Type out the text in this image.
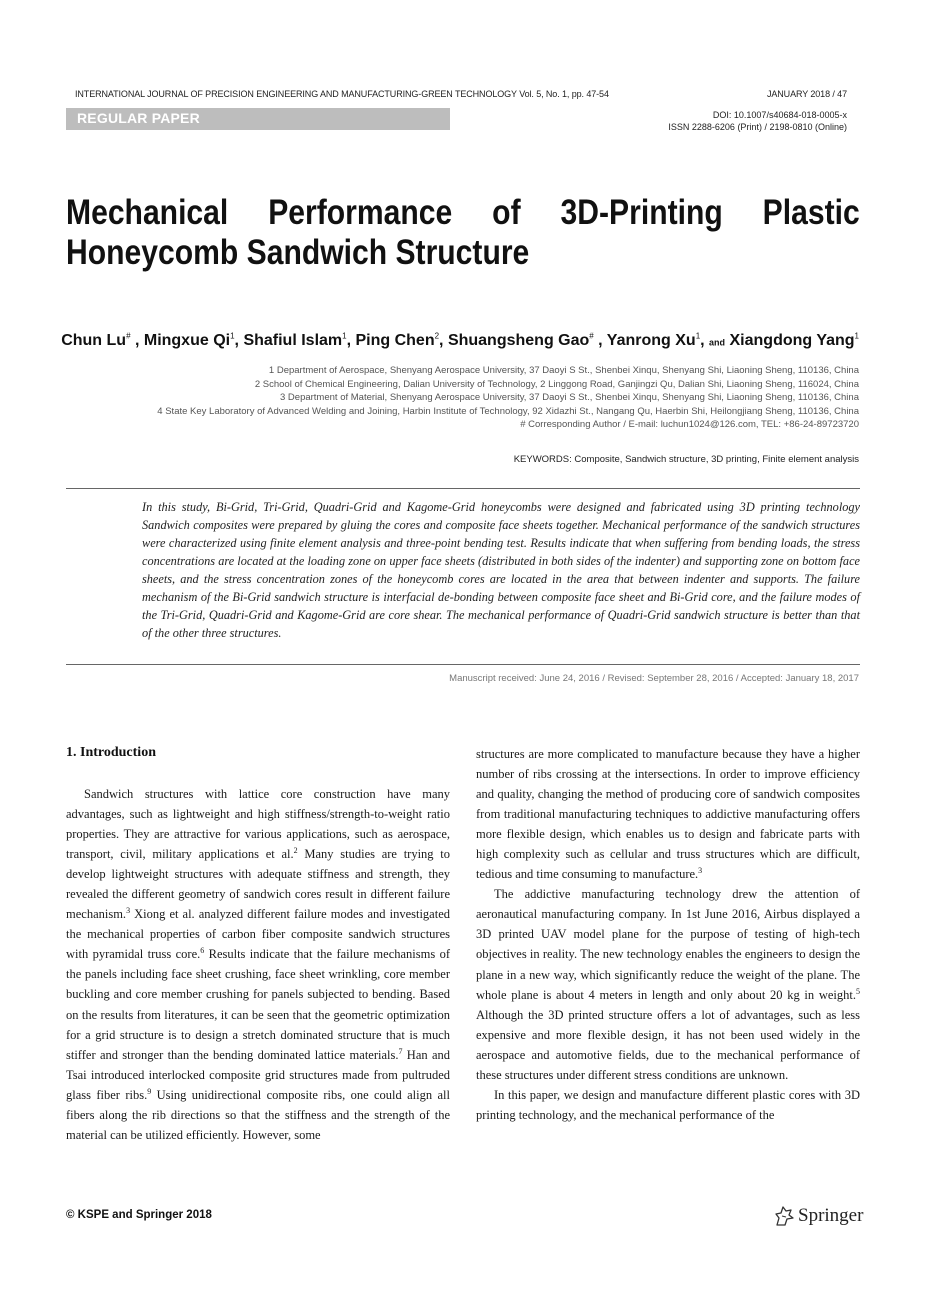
INTERNATIONAL JOURNAL OF PRECISION ENGINEERING AND MANUFACTURING-GREEN TECHNOLOGY Vol. 5, No. 1, pp. 47-54	JANUARY 2018 / 47
REGULAR PAPER	DOI: 10.1007/s40684-018-0005-x
ISSN 2288-6206 (Print) / 2198-0810 (Online)
Mechanical Performance of 3D-Printing Plastic
Honeycomb Sandwich Structure
Chun Lu# , Mingxue Qi$^1$, Shafiul Islam$^1$, Ping Chen$^2$, Shuangsheng Gao# , Yanrong Xu$^1$, and Xiangdong Yang$^1$
1 Department of Aerospace, Shenyang Aerospace University, 37 Daoyi S St., Shenbei Xinqu, Shenyang Shi, Liaoning Sheng, 110136, China
2 School of Chemical Engineering, Dalian University of Technology, 2 Linggong Road, Ganjingzi Qu, Dalian Shi, Liaoning Sheng, 116024, China
3 Department of Material, Shenyang Aerospace University, 37 Daoyi S St., Shenbei Xinqu, Shenyang Shi, Liaoning Sheng, 110136, China
4 State Key Laboratory of Advanced Welding and Joining, Harbin Institute of Technology, 92 Xidazhi St., Nangang Qu, Haerbin Shi, Heilongjiang Sheng, 110136, China
# Corresponding Author / E-mail: luchun1024@126.com, TEL: +86-24-89723720
KEYWORDS: Composite, Sandwich structure, 3D printing, Finite element analysis
In this study, Bi-Grid, Tri-Grid, Quadri-Grid and Kagome-Grid honeycombs were designed and fabricated using 3D printing technology Sandwich composites were prepared by gluing the cores and composite face sheets together. Mechanical performance of the sandwich structures were characterized using finite element analysis and three-point bending test. Results indicate that when suffering from bending loads, the stress concentrations are located at the loading zone on upper face sheets (distributed in both sides of the indenter) and supporting zone on bottom face sheets, and the stress concentration zones of the honeycomb cores are located in the area that between indenter and supports. The failure mechanism of the Bi-Grid sandwich structure is interfacial de-bonding between composite face sheet and Bi-Grid core, and the failure modes of the Tri-Grid, Quadri-Grid and Kagome-Grid are core shear. The mechanical performance of Quadri-Grid sandwich structure is better than that of the other three structures.
Manuscript received: June 24, 2016 / Revised: September 28, 2016 / Accepted: January 18, 2017
1. Introduction

Sandwich structures with lattice core construction have many advantages, such as lightweight and high stiffness/strength-to-weight ratio properties. They are attractive for various applications, such as aerospace, transport, civil, military applications et al.$^2$ Many studies are trying to develop lightweight structures with adequate stiffness and strength, they revealed the different geometry of sandwich cores result in different failure mechanism.$^3$ Xiong et al. analyzed different failure modes and investigated the mechanical properties of carbon fiber composite sandwich structures with pyramidal truss core.$^6$ Results indicate that the failure mechanisms of the panels including face sheet crushing, face sheet wrinkling, core member buckling and core member crushing for panels subjected to bending. Based on the results from literatures, it can be seen that the geometric optimization for a grid structure is to design a stretch dominated structure that is much stiffer and stronger than the bending dominated lattice materials.$^7$ Han and Tsai introduced interlocked composite grid structures made from pultruded glass fiber ribs.$^9$ Using unidirectional composite ribs, one could align all fibers along the rib directions so that the stiffness and the strength of the material can be utilized efficiently. However, some

structures are more complicated to manufacture because they have a higher number of ribs crossing at the intersections. In order to improve efficiency and quality, changing the method of producing core of sandwich composites from traditional manufacturing techniques to addictive manufacturing offers more flexible design, which enables us to design and fabricate parts with high complexity such as cellular and truss structures which are difficult, tedious and time consuming to manufacture.$^3$

The addictive manufacturing technology drew the attention of aeronautical manufacturing company. In 1st June 2016, Airbus displayed a 3D printed UAV model plane for the purpose of testing of high-tech objectives in reality. The new technology enables the engineers to design the plane in a new way, which significantly reduce the weight of the plane. The whole plane is about 4 meters in length and only about 20 kg in weight.$^5$ Although the 3D printed structure offers a lot of advantages, such as less expensive and more flexible design, it has not been used widely in the aerospace and automotive fields, due to the mechanical performance of these structures under different stress conditions are unknown.

In this paper, we design and manufacture different plastic cores with 3D printing technology, and the mechanical performance of the

© KSPE and Springer 2018	Springer
